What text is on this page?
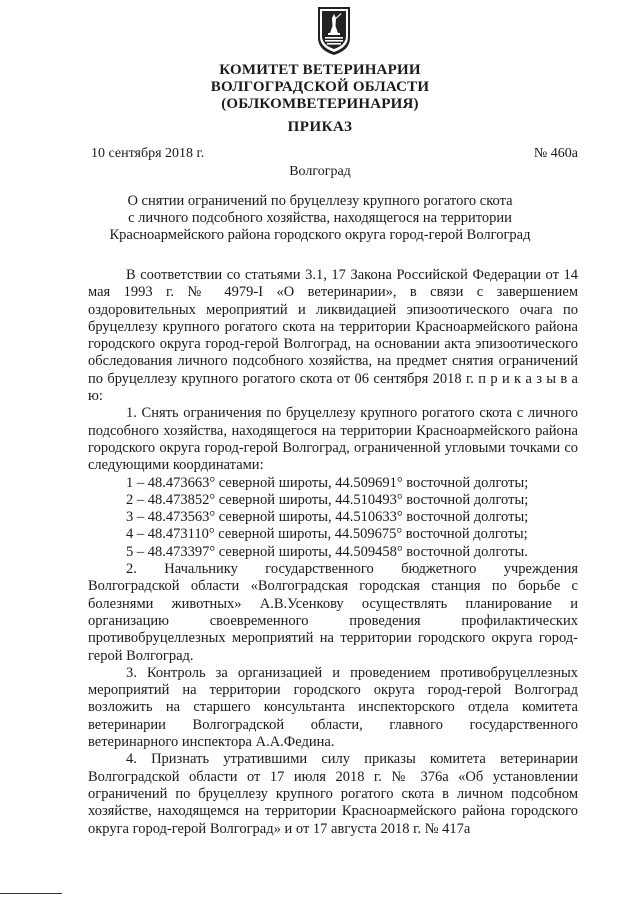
КОМИТЕТ ВЕТЕРИНАРИИ
ВОЛГОГРАДСКОЙ ОБЛАСТИ
(ОБЛКОМВЕТЕРИНАРИЯ)
ПРИКАЗ
10 сентября 2018 г.	№ 460а
Волгоград
О снятии ограничений по бруцеллезу крупного рогатого скота
с личного подсобного хозяйства, находящегося на территории
Красноармейского района городского округа город-герой Волгоград

В соответствии со статьями 3.1, 17 Закона Российской Федерации от 14 мая 1993 г. № 4979-I «О ветеринарии», в связи с завершением оздоровительных мероприятий и ликвидацией эпизоотического очага по бруцеллезу крупного рогатого скота на территории Красноармейского района городского округа город-герой Волгоград, на основании акта эпизоотического обследования личного подсобного хозяйства, на предмет снятия ограничений по бруцеллезу крупного рогатого скота от 06 сентября 2018 г. п р и к а з ы в а ю:

1. Снять ограничения по бруцеллезу крупного рогатого скота с личного подсобного хозяйства, находящегося на территории Красноармейского района городского округа город-герой Волгоград, ограниченной угловыми точками со следующими координатами:

1 – 48.473663° северной широты, 44.509691° восточной долготы;

2 – 48.473852° северной широты, 44.510493° восточной долготы;

3 – 48.473563° северной широты, 44.510633° восточной долготы;

4 – 48.473110° северной широты, 44.509675° восточной долготы;

5 – 48.473397° северной широты, 44.509458° восточной долготы.

2. Начальнику государственного бюджетного учреждения Волгоградской области «Волгоградская городская станция по борьбе с болезнями животных» А.В.Усенкову осуществлять планирование и организацию своевременного проведения профилактических противобруцеллезных мероприятий на территории городского округа город-герой Волгоград.

3. Контроль за организацией и проведением противобруцеллезных мероприятий на территории городского округа город-герой Волгоград возложить на старшего консультанта инспекторского отдела комитета ветеринарии Волгоградской области, главного государственного ветеринарного инспектора А.А.Федина.

4. Признать утратившими силу приказы комитета ветеринарии Волгоградской области от 17 июля 2018 г. № 376а «Об установлении ограничений по бруцеллезу крупного рогатого скота в личном подсобном хозяйстве, находящемся на территории Красноармейского района городского округа город-герой Волгоград» и от 17 августа 2018 г. № 417а
